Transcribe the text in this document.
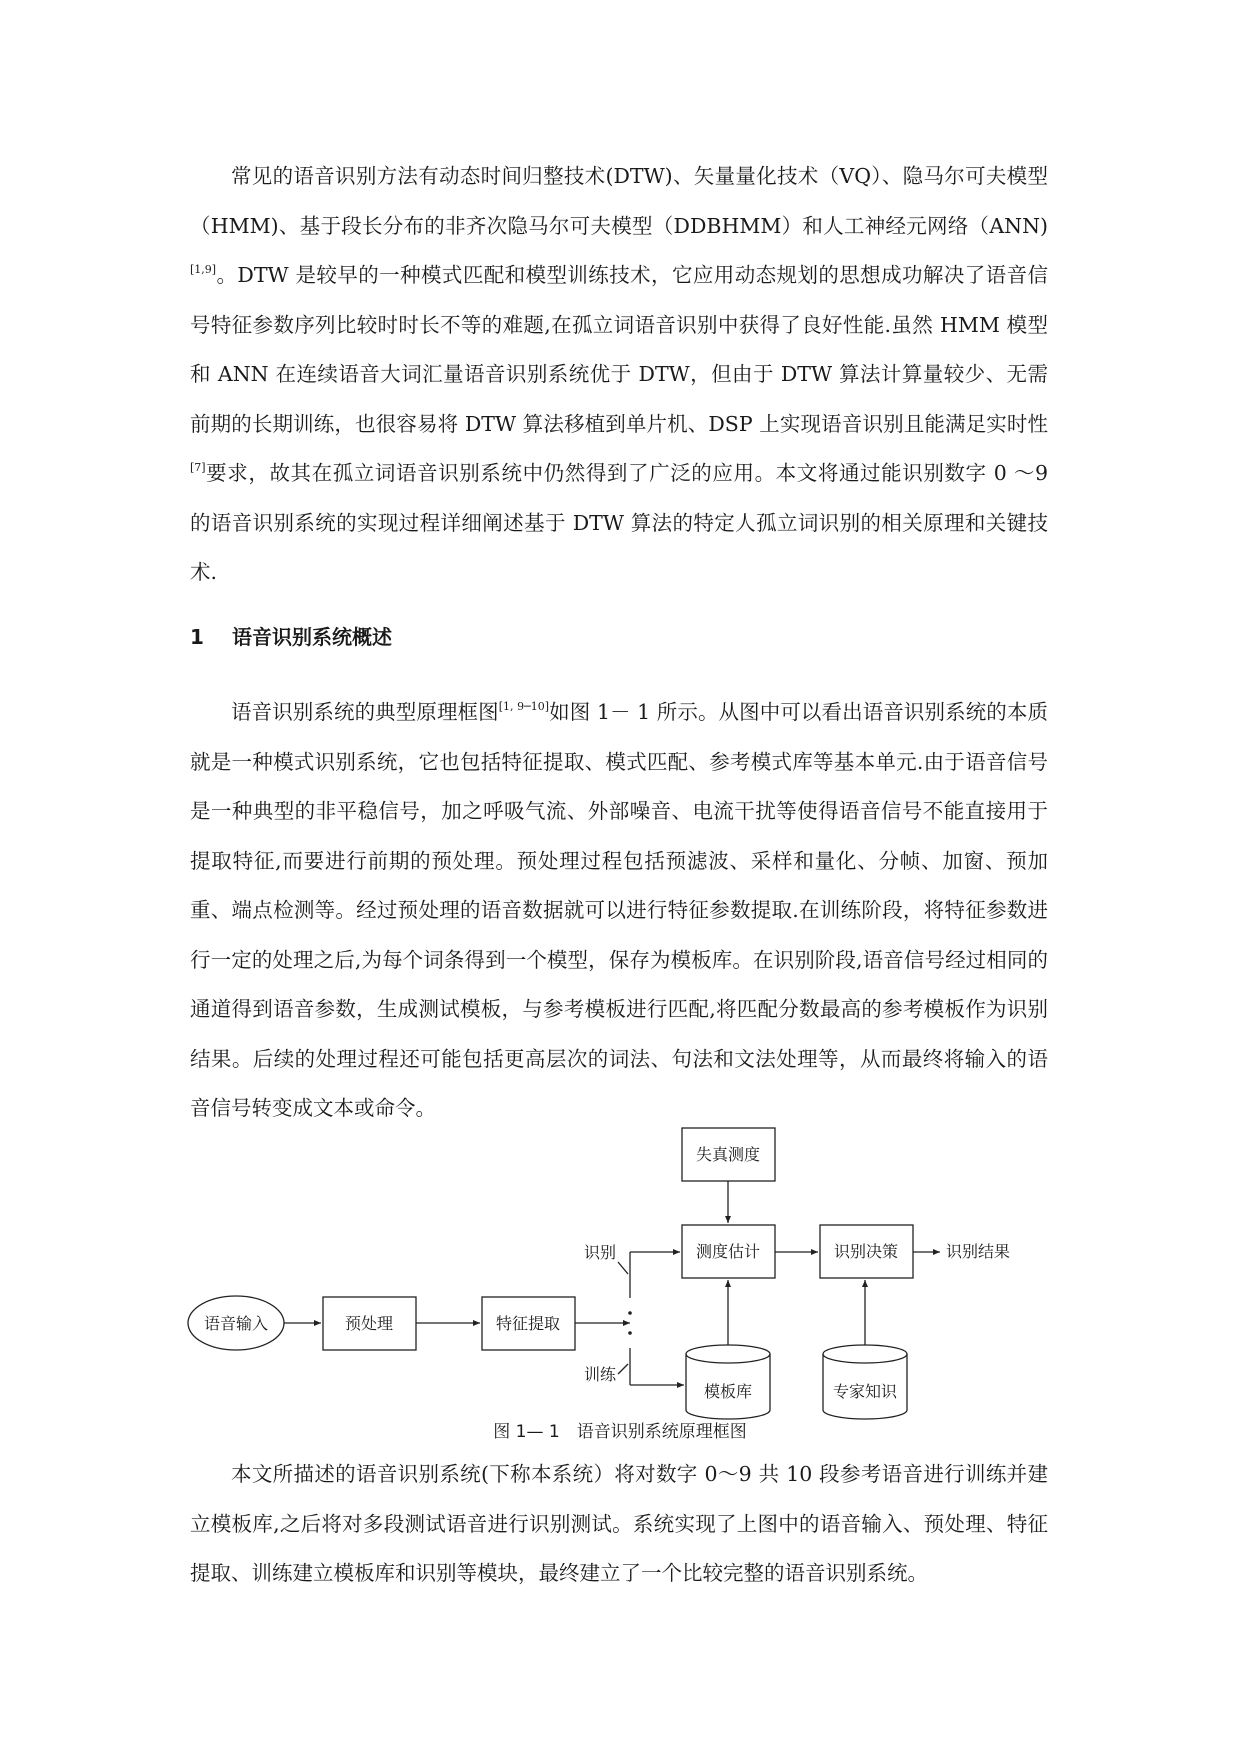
常见的语音识别方法有动态时间归整技术(DTW)、矢量量化技术（VQ）、隐马尔可夫模型（HMM)、基于段长分布的非齐次隐马尔可夫模型（DDBHMM）和人工神经元网络（ANN)[1,9]。DTW 是较早的一种模式匹配和模型训练技术，它应用动态规划的思想成功解决了语音信号特征参数序列比较时时长不等的难题,在孤立词语音识别中获得了良好性能.虽然 HMM 模型和 ANN 在连续语音大词汇量语音识别系统优于 DTW，但由于 DTW 算法计算量较少、无需前期的长期训练，也很容易将 DTW 算法移植到单片机、DSP 上实现语音识别且能满足实时性[7]要求，故其在孤立词语音识别系统中仍然得到了广泛的应用。本文将通过能识别数字 0 ～9 的语音识别系统的实现过程详细阐述基于 DTW 算法的特定人孤立词识别的相关原理和关键技术.

1 语音识别系统概述

语音识别系统的典型原理框图[1, 9─10]如图 1－ 1 所示。从图中可以看出语音识别系统的本质就是一种模式识别系统，它也包括特征提取、模式匹配、参考模式库等基本单元.由于语音信号是一种典型的非平稳信号，加之呼吸气流、外部噪音、电流干扰等使得语音信号不能直接用于提取特征,而要进行前期的预处理。预处理过程包括预滤波、采样和量化、分帧、加窗、预加重、端点检测等。经过预处理的语音数据就可以进行特征参数提取.在训练阶段，将特征参数进行一定的处理之后,为每个词条得到一个模型，保存为模板库。在识别阶段,语音信号经过相同的通道得到语音参数，生成测试模板，与参考模板进行匹配,将匹配分数最高的参考模板作为识别结果。后续的处理过程还可能包括更高层次的词法、句法和文法处理等，从而最终将输入的语音信号转变成文本或命令。

语音输入	预处理	特征提取
失真测度
测度估计	识别决策
模板库	专家知识
识别结果
识别
训练

图 1— 1　语音识别系统原理框图

本文所描述的语音识别系统(下称本系统）将对数字 0～9 共 10 段参考语音进行训练并建立模板库,之后将对多段测试语音进行识别测试。系统实现了上图中的语音输入、预处理、特征提取、训练建立模板库和识别等模块，最终建立了一个比较完整的语音识别系统。
